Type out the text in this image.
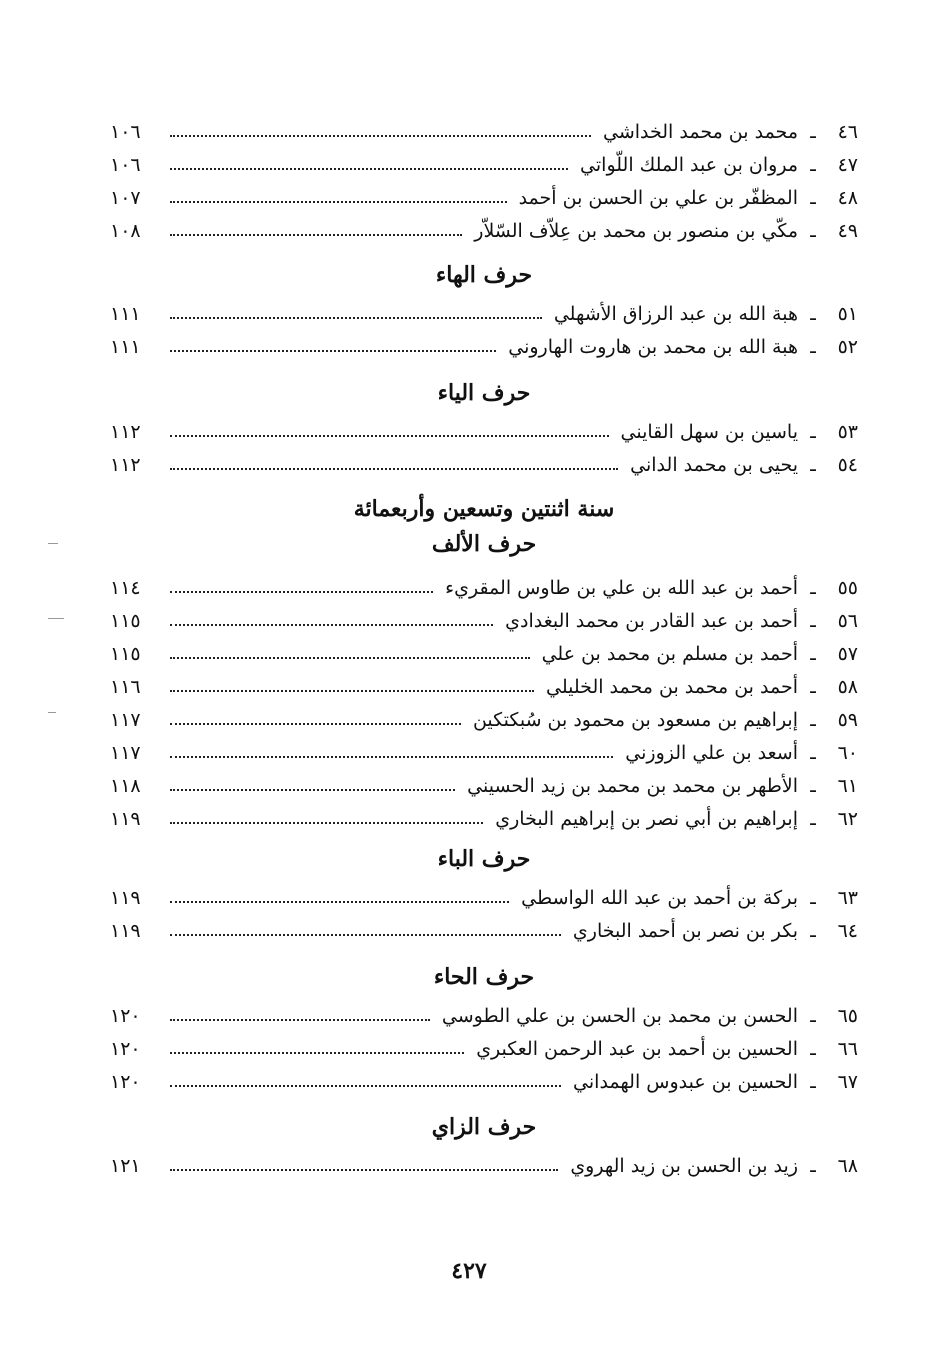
٤٦
ـ
محمد بن محمد الخداشي
١٠٦
٤٧
ـ
مروان بن عبد الملك اللّواتي
١٠٦
٤٨
ـ
المظفّر بن علي بن الحسن بن أحمد
١٠٧
٤٩
ـ
مكّي بن منصور بن محمد بن عِلاّف السّلاّر
١٠٨
حرف الهاء
٥١
ـ
هبة الله بن عبد الرزاق الأشهلي
١١١
٥٢
ـ
هبة الله بن محمد بن هاروت الهاروني
١١١
حرف الياء
٥٣
ـ
ياسين بن سهل القايني
١١٢
٥٤
ـ
يحيى بن محمد الداني
١١٢
سنة اثنتين وتسعين وأربعمائة
حرف الألف
٥٥
ـ
أحمد بن عبد الله بن علي بن طاوس المقريء
١١٤
٥٦
ـ
أحمد بن عبد القادر بن محمد البغدادي
١١٥
٥٧
ـ
أحمد بن مسلم بن محمد بن علي
١١٥
٥٨
ـ
أحمد بن محمد بن محمد الخليلي
١١٦
٥٩
ـ
إبراهيم بن مسعود بن محمود بن سُبكتكين
١١٧
٦٠
ـ
أسعد بن علي الزوزني
١١٧
٦١
ـ
الأطهر بن محمد بن محمد بن زيد الحسيني
١١٨
٦٢
ـ
إبراهيم بن أبي نصر بن إبراهيم البخاري
١١٩
حرف الباء
٦٣
ـ
بركة بن أحمد بن عبد الله الواسطي
١١٩
٦٤
ـ
بكر بن نصر بن أحمد البخاري
١١٩
حرف الحاء
٦٥
ـ
الحسن بن محمد بن الحسن بن علي الطوسي
١٢٠
٦٦
ـ
الحسين بن أحمد بن عبد الرحمن العكبري
١٢٠
٦٧
ـ
الحسين بن عبدوس الهمداني
١٢٠
حرف الزاي
٦٨
ـ
زيد بن الحسن بن زيد الهروي
١٢١
٤٢٧
